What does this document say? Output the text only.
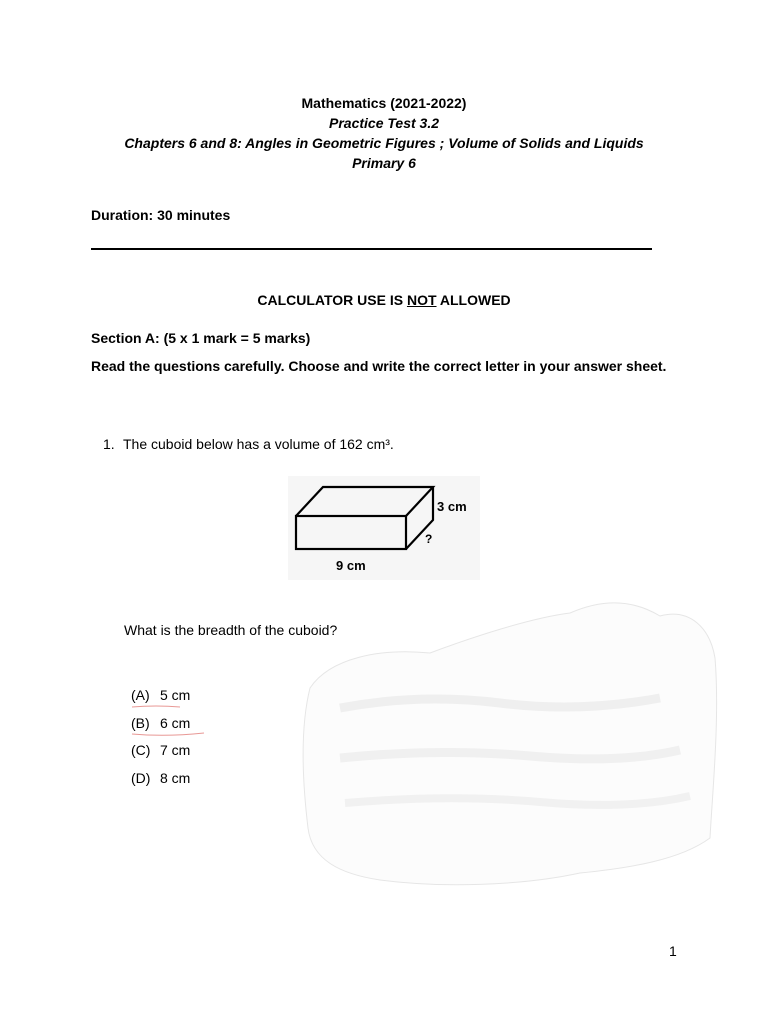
Mathematics (2021-2022)
Practice Test 3.2
Chapters 6 and 8: Angles in Geometric Figures ; Volume of Solids and Liquids
Primary 6
Duration: 30 minutes
CALCULATOR USE IS NOT ALLOWED
Section A: (5 x 1 mark = 5 marks)
Read the questions carefully. Choose and write the correct letter in your answer sheet.
1. The cuboid below has a volume of 162 cm³.
3 cm
?
9 cm
What is the breadth of the cuboid?
(A) 5 cm
(B) 6 cm
(C) 7 cm
(D) 8 cm
1
